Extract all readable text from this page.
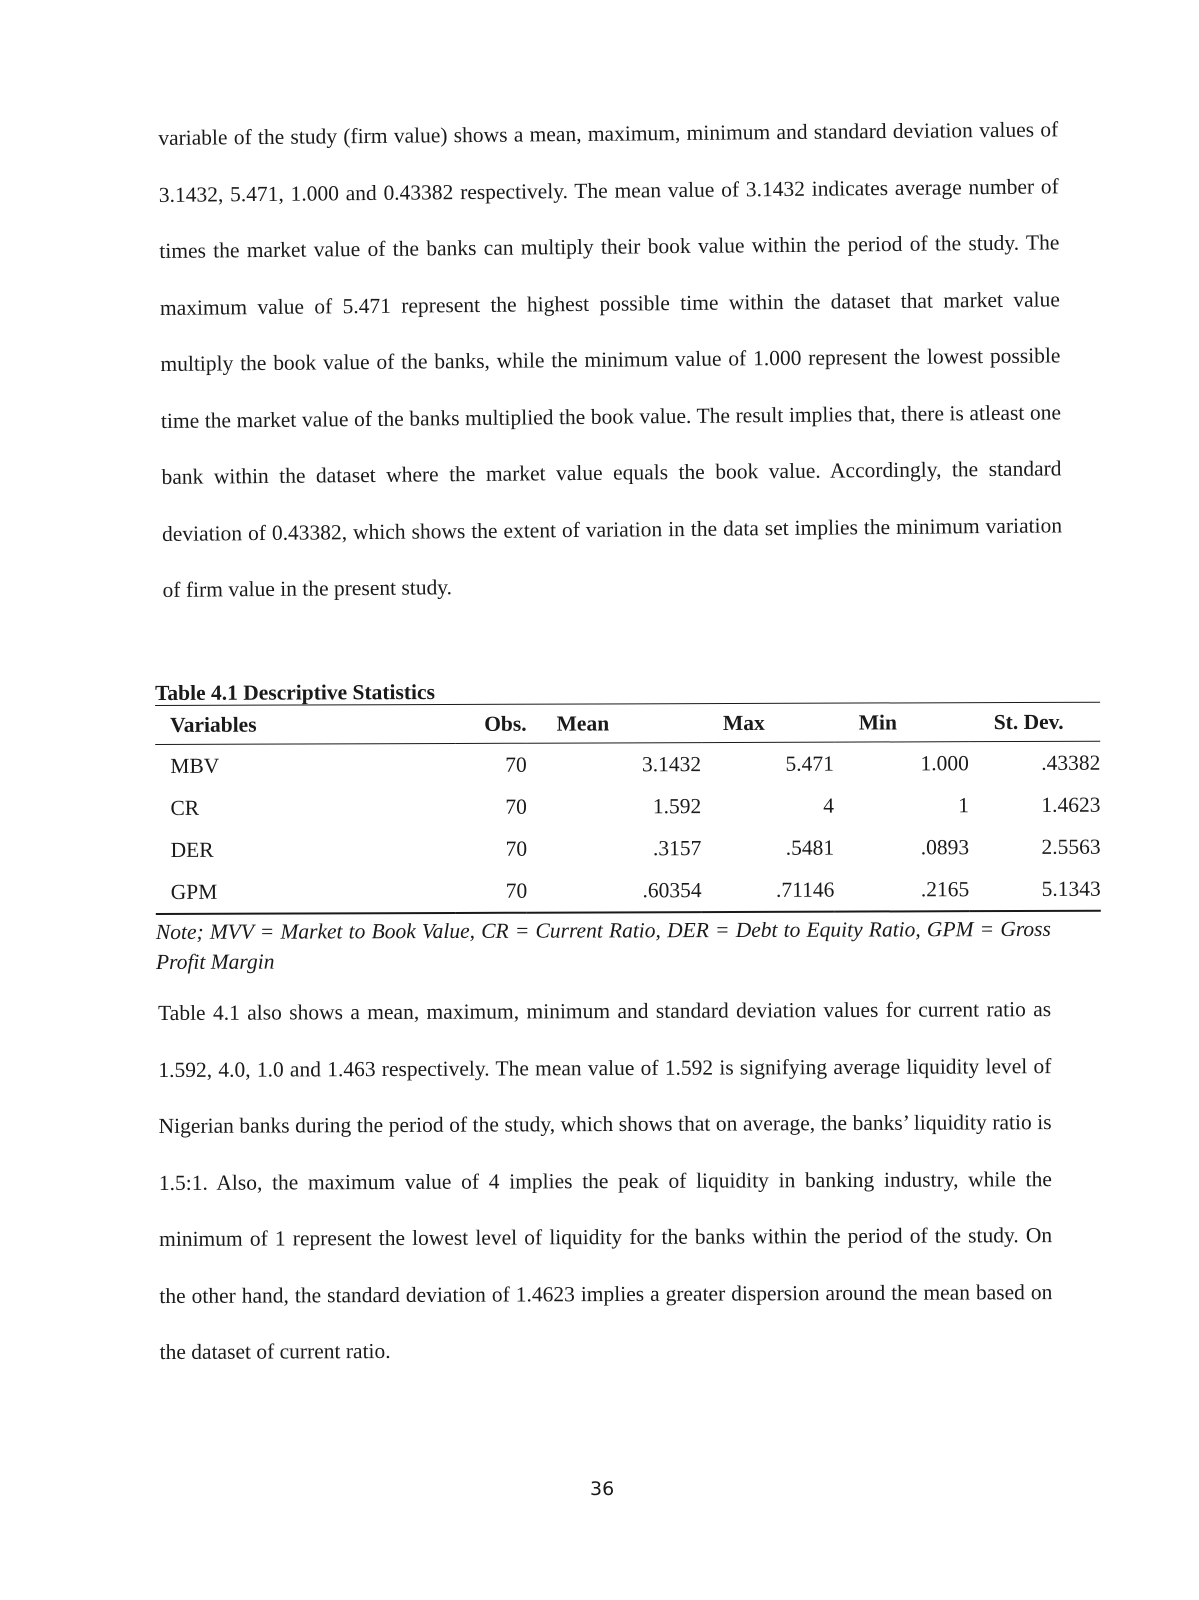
variable of the study (firm value) shows a mean, maximum, minimum and standard deviation values of 3.1432, 5.471, 1.000 and 0.43382 respectively. The mean value of 3.1432 indicates average number of times the market value of the banks can multiply their book value within the period of the study. The maximum value of 5.471 represent the highest possible time within the dataset that market value multiply the book value of the banks, while the minimum value of 1.000 represent the lowest possible time the market value of the banks multiplied the book value. The result implies that, there is atleast one bank within the dataset where the market value equals the book value. Accordingly, the standard deviation of 0.43382, which shows the extent of variation in the data set implies the minimum variation of firm value in the present study.

Table 4.1 Descriptive Statistics
Variables	Obs.	Mean	Max	Min	St. Dev.
MBV	70	3.1432	5.471	1.000	.43382
CR	70	1.592	4	1	1.4623
DER	70	.3157	.5481	.0893	2.5563
GPM	70	.60354	.71146	.2165	5.1343
Note; MVV = Market to Book Value, CR = Current Ratio, DER = Debt to Equity Ratio, GPM = Gross Profit Margin

Table 4.1 also shows a mean, maximum, minimum and standard deviation values for current ratio as 1.592, 4.0, 1.0 and 1.463 respectively. The mean value of 1.592 is signifying average liquidity level of Nigerian banks during the period of the study, which shows that on average, the banks’ liquidity ratio is 1.5:1. Also, the maximum value of 4 implies the peak of liquidity in banking industry, while the minimum of 1 represent the lowest level of liquidity for the banks within the period of the study. On the other hand, the standard deviation of 1.4623 implies a greater dispersion around the mean based on the dataset of current ratio.

36
